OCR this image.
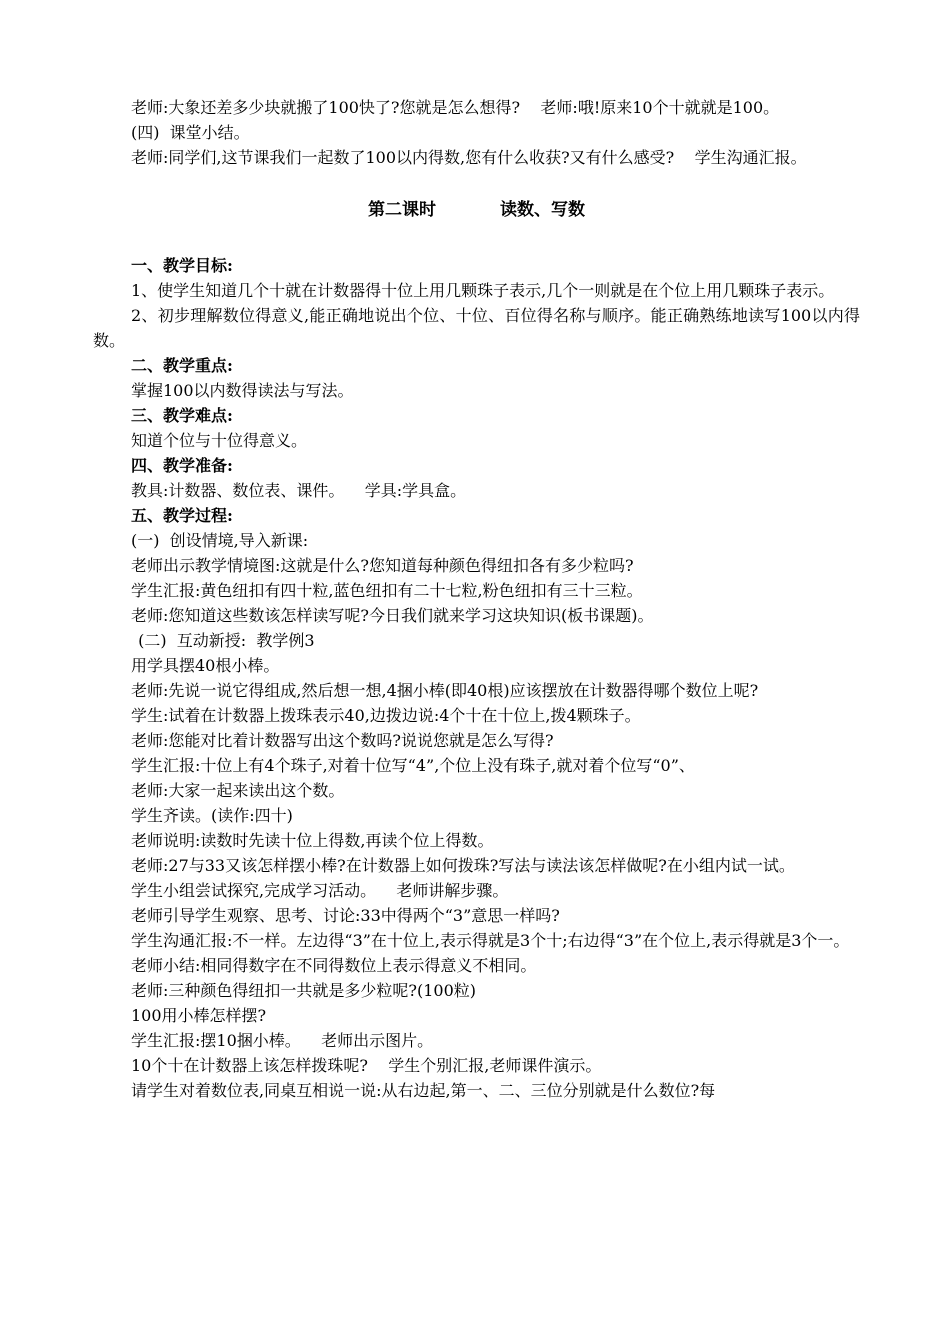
老师:大象还差多少块就搬了100快了?您就是怎么想得?    老师:哦!原来10个十就就是100。

(四)  课堂小结。

老师:同学们,这节课我们一起数了100以内得数,您有什么收获?又有什么感受?    学生沟通汇报。

第二课时	读数、写数

一、教学目标:

1、使学生知道几个十就在计数器得十位上用几颗珠子表示,几个一则就是在个位上用几颗珠子表示。

2、初步理解数位得意义,能正确地说出个位、十位、百位得名称与顺序。能正确熟练地读写100以内得数。

二、教学重点:

掌握100以内数得读法与写法。

三、教学难点:

知道个位与十位得意义。

四、教学准备:

教具:计数器、数位表、课件。    学具:学具盒。

五、教学过程:

(一)  创设情境,导入新课:

老师出示教学情境图:这就是什么?您知道每种颜色得纽扣各有多少粒吗?

学生汇报:黄色纽扣有四十粒,蓝色纽扣有二十七粒,粉色纽扣有三十三粒。

老师:您知道这些数该怎样读写呢?今日我们就来学习这块知识(板书课题)。

(二)  互动新授:  教学例3

用学具摆40根小棒。

老师:先说一说它得组成,然后想一想,4捆小棒(即40根)应该摆放在计数器得哪个数位上呢?

学生:试着在计数器上拨珠表示40,边拨边说:4个十在十位上,拨4颗珠子。

老师:您能对比着计数器写出这个数吗?说说您就是怎么写得?

学生汇报:十位上有4个珠子,对着十位写“4”,个位上没有珠子,就对着个位写“0”、

老师:大家一起来读出这个数。

学生齐读。(读作:四十)

老师说明:读数时先读十位上得数,再读个位上得数。

老师:27与33又该怎样摆小棒?在计数器上如何拨珠?写法与读法该怎样做呢?在小组内试一试。

学生小组尝试探究,完成学习活动。    老师讲解步骤。

老师引导学生观察、思考、讨论:33中得两个“3”意思一样吗?

学生沟通汇报:不一样。左边得“3”在十位上,表示得就是3个十;右边得“3”在个位上,表示得就是3个一。

老师小结:相同得数字在不同得数位上表示得意义不相同。

老师:三种颜色得纽扣一共就是多少粒呢?(100粒)

100用小棒怎样摆?

学生汇报:摆10捆小棒。    老师出示图片。

10个十在计数器上该怎样拨珠呢?    学生个别汇报,老师课件演示。

请学生对着数位表,同桌互相说一说:从右边起,第一、二、三位分别就是什么数位?每
